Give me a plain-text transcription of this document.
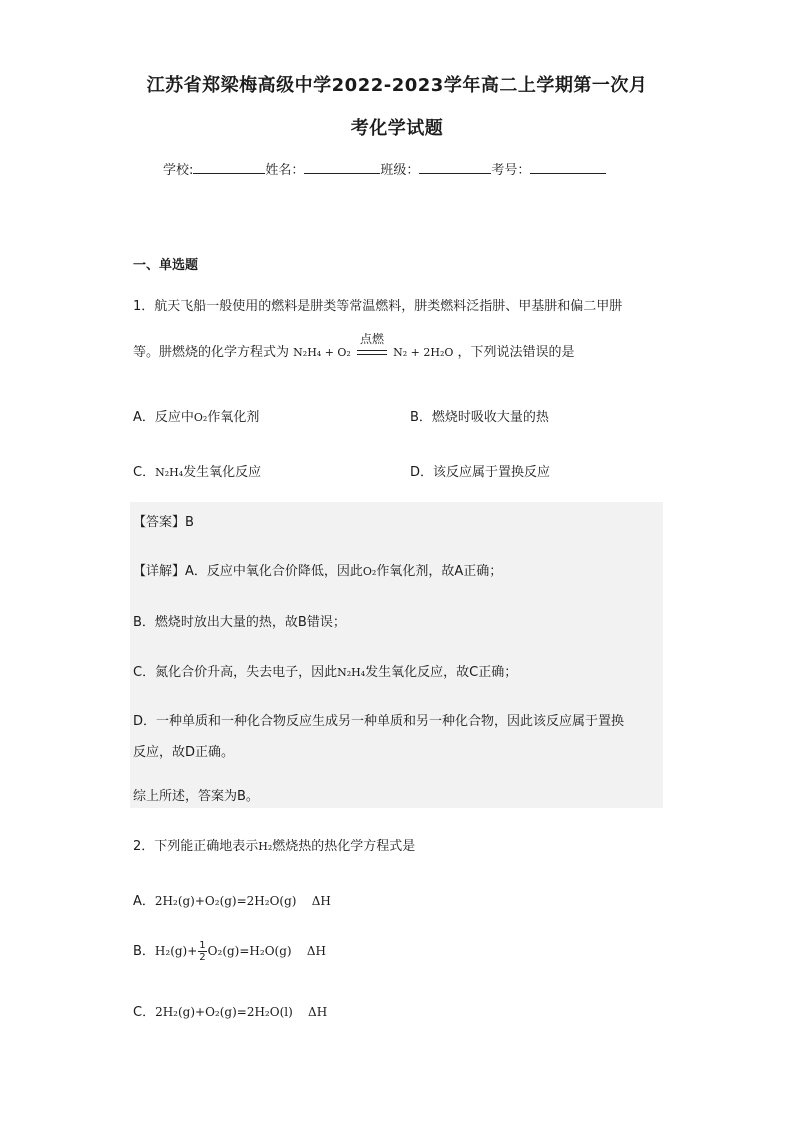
江苏省郑梁梅高级中学2022-2023学年高二上学期第一次月
考化学试题
学校:	姓名：	班级：	考号：
一、单选题
1．航天飞船一般使用的燃料是肼类等常温燃料，肼类燃料泛指肼、甲基肼和偏二甲肼
等。肼燃烧的化学方程式为 N₂H₄ + O₂
点燃
N₂ + 2H₂O ，下列说法错误的是
A．反应中O₂作氧化剂	B．燃烧时吸收大量的热
C．N₂H₄发生氧化反应	D．该反应属于置换反应
【答案】B
【详解】A．反应中氧化合价降低，因此O₂作氧化剂，故A正确；
B．燃烧时放出大量的热，故B错误；
C．氮化合价升高，失去电子，因此N₂H₄发生氧化反应，故C正确；
D．一种单质和一种化合物反应生成另一种单质和另一种化合物，因此该反应属于置换
反应，故D正确。
综上所述，答案为B。
2．下列能正确地表示H₂燃烧热的热化学方程式是
A．2H₂(g)+O₂(g)=2H₂O(g)    ΔH
B．$H_2(g)+ \frac{1}{2} O_2(g)=H_2O(g)$    ΔH
C．2H₂(g)+O₂(g)=2H₂O(l)    ΔH
